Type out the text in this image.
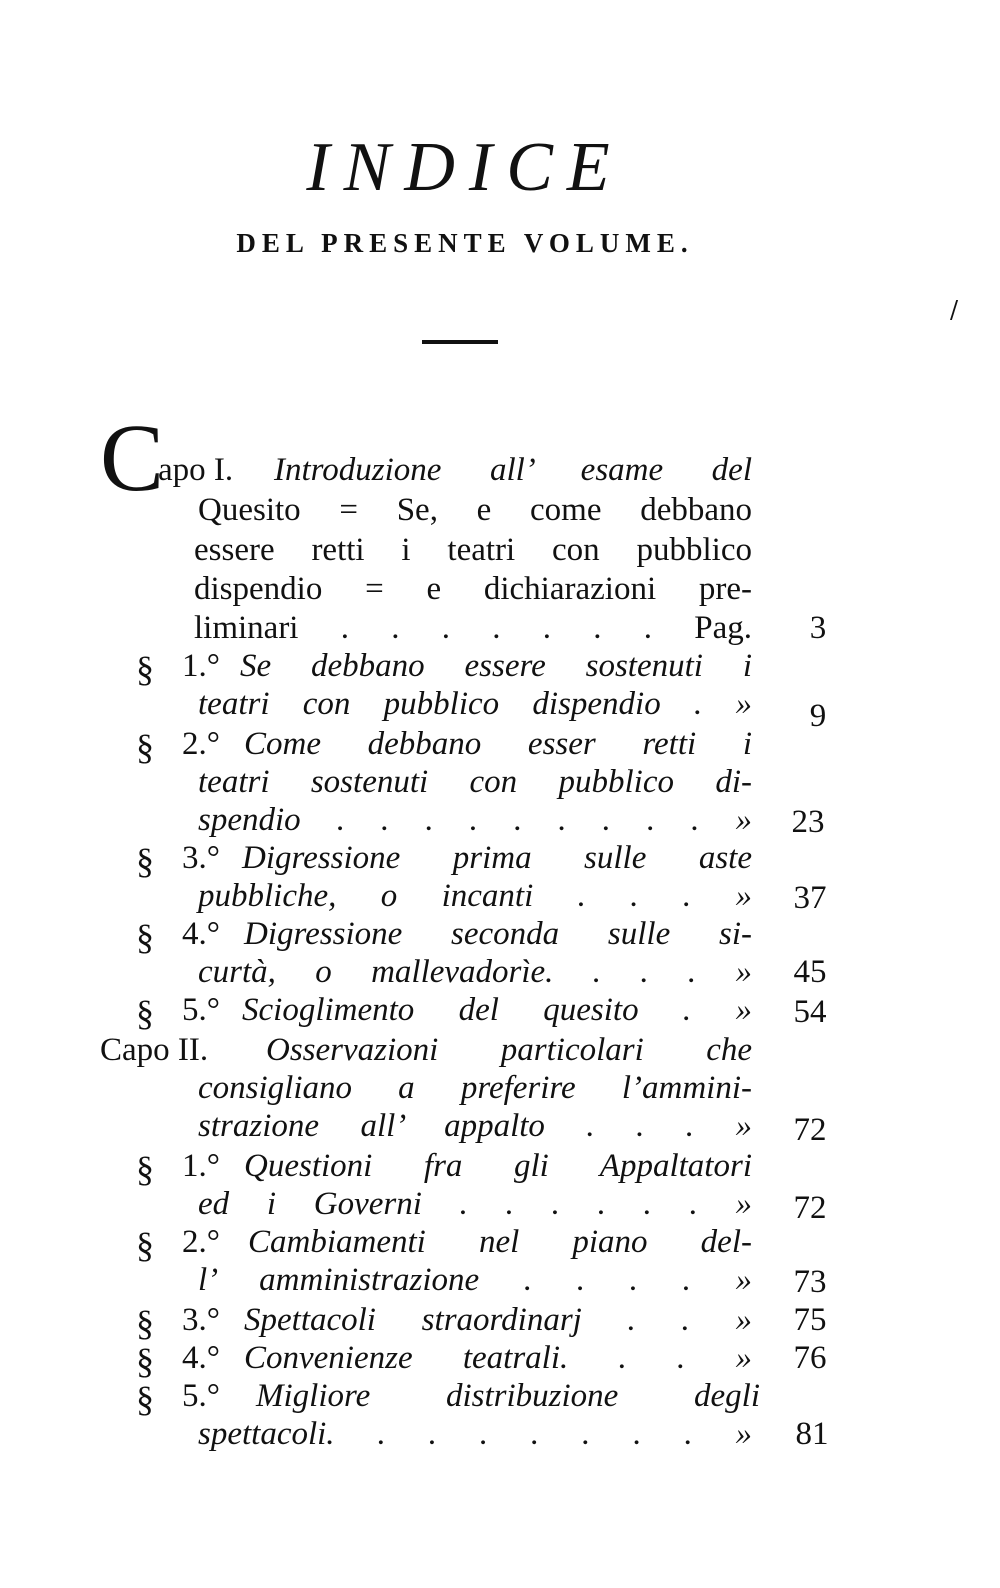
INDICE
DEL PRESENTE VOLUME.
/
C
apo I. Introduzione all’ esame del
Quesito = Se, e come debbano
essere retti i teatri con pubblico
dispendio = e dichiarazioni pre-
liminari . . . . . . . Pag.	3
§ 1.° Se debbano essere sostenuti i
teatri con pubblico dispendio . »	9
§ 2.° Come debbano esser retti i
teatri sostenuti con pubblico di-
spendio . . . . . . . . . »	23
§ 3.° Digressione prima sulle aste
pubbliche, o incanti . . . »	37
§ 4.° Digressione seconda sulle si-
curtà, o mallevadorìe. . . . »	45
§ 5.° Scioglimento del quesito . »	54
Capo II. Osservazioni particolari che
consigliano a preferire l’ammini-
strazione all’ appalto . . . »	72
§ 1.° Questioni fra gli Appaltatori
ed i Governi . . . . . . »	72
§ 2.° Cambiamenti nel piano del-
l’ amministrazione . . . . »	73
§ 3.° Spettacoli straordinarj . . »	75
§ 4.° Convenienze teatrali. . . »	76
§ 5.° Migliore distribuzione degli
spettacoli. . . . . . . . »	81
